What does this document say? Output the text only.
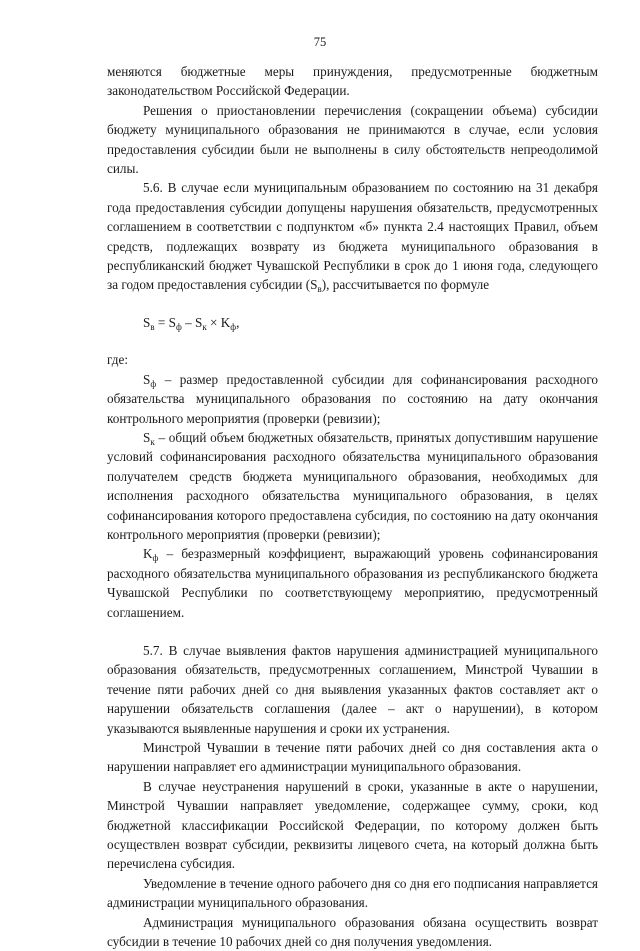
75

меняются бюджетные меры принуждения, предусмотренные бюджетным законодательством Российской Федерации.

Решения о приостановлении перечисления (сокращении объема) субсидии бюджету муниципального образования не принимаются в случае, если условия предоставления субсидии были не выполнены в силу обстоятельств непреодолимой силы.

5.6. В случае если муниципальным образованием по состоянию на 31 декабря года предоставления субсидии допущены нарушения обязательств, предусмотренных соглашением в соответствии с подпунктом «б» пункта 2.4 настоящих Правил, объем средств, подлежащих возврату из бюджета муниципального образования в республиканский бюджет Чувашской Республики в срок до 1 июня года, следующего за годом предоставления субсидии $(S_в)$, рассчитывается по формуле

$S_в = S_ф - S_к \times K_ф$,

где:

$S_ф$ – размер предоставленной субсидии для софинансирования расходного обязательства муниципального образования по состоянию на дату окончания контрольного мероприятия (проверки (ревизии);

$S_к$ – общий объем бюджетных обязательств, принятых допустившим нарушение условий софинансирования расходного обязательства муниципального образования получателем средств бюджета муниципального образования, необходимых для исполнения расходного обязательства муниципального образования, в целях софинансирования которого предоставлена субсидия, по состоянию на дату окончания контрольного мероприятия (проверки (ревизии);

$K_ф$ – безразмерный коэффициент, выражающий уровень софинансирования расходного обязательства муниципального образования из республиканского бюджета Чувашской Республики по соответствующему мероприятию, предусмотренный соглашением.

5.7. В случае выявления фактов нарушения администрацией муниципального образования обязательств, предусмотренных соглашением, Минстрой Чувашии в течение пяти рабочих дней со дня выявления указанных фактов составляет акт о нарушении обязательств соглашения (далее – акт о нарушении), в котором указываются выявленные нарушения и сроки их устранения.

Минстрой Чувашии в течение пяти рабочих дней со дня составления акта о нарушении направляет его администрации муниципального образования.

В случае неустранения нарушений в сроки, указанные в акте о нарушении, Минстрой Чувашии направляет уведомление, содержащее сумму, сроки, код бюджетной классификации Российской Федерации, по которому должен быть осуществлен возврат субсидии, реквизиты лицевого счета, на который должна быть перечислена субсидия.

Уведомление в течение одного рабочего дня со дня его подписания направляется администрации муниципального образования.

Администрация муниципального образования обязана осуществить возврат субсидии в течение 10 рабочих дней со дня получения уведомления.
